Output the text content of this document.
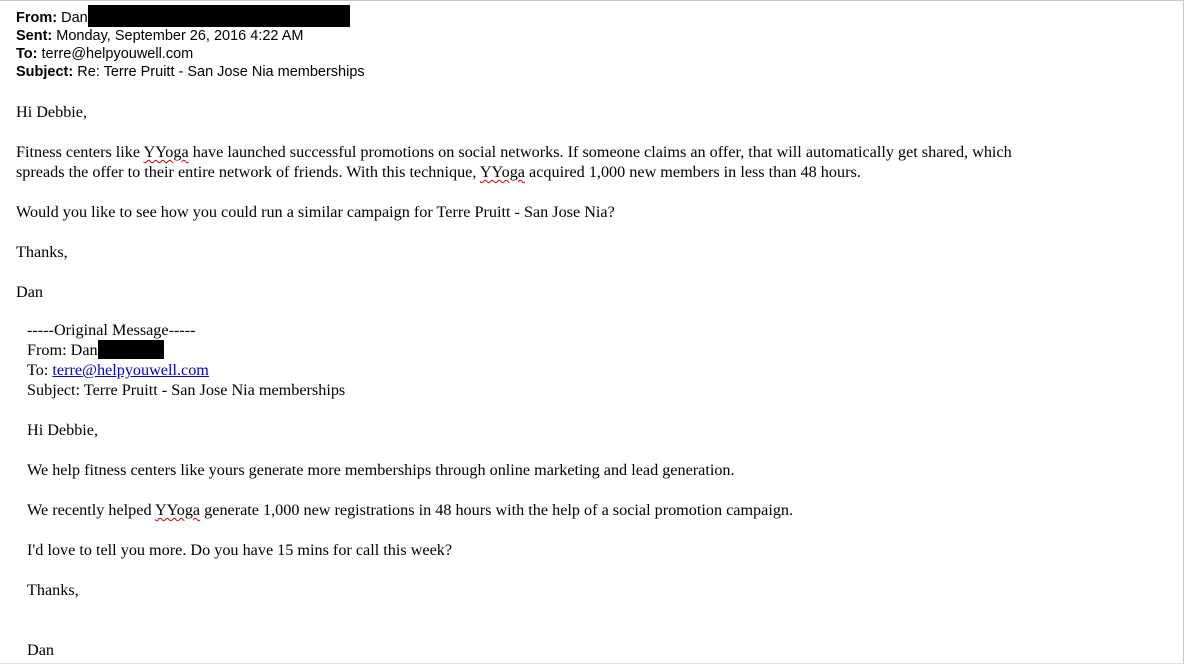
From: Dan
Sent: Monday, September 26, 2016 4:22 AM
To: terre@helpyouwell.com
Subject: Re: Terre Pruitt - San Jose Nia memberships
Hi Debbie,
Fitness centers like YYoga have launched successful promotions on social networks. If someone claims an offer, that will automatically get shared, which
spreads the offer to their entire network of friends. With this technique, YYoga acquired 1,000 new members in less than 48 hours.
Would you like to see how you could run a similar campaign for Terre Pruitt - San Jose Nia?
Thanks,
Dan
-----Original Message-----
From: Dan
To: terre@helpyouwell.com
Subject: Terre Pruitt - San Jose Nia memberships
Hi Debbie,
We help fitness centers like yours generate more memberships through online marketing and lead generation.
We recently helped YYoga generate 1,000 new registrations in 48 hours with the help of a social promotion campaign.
I'd love to tell you more. Do you have 15 mins for call this week?
Thanks,
Dan
